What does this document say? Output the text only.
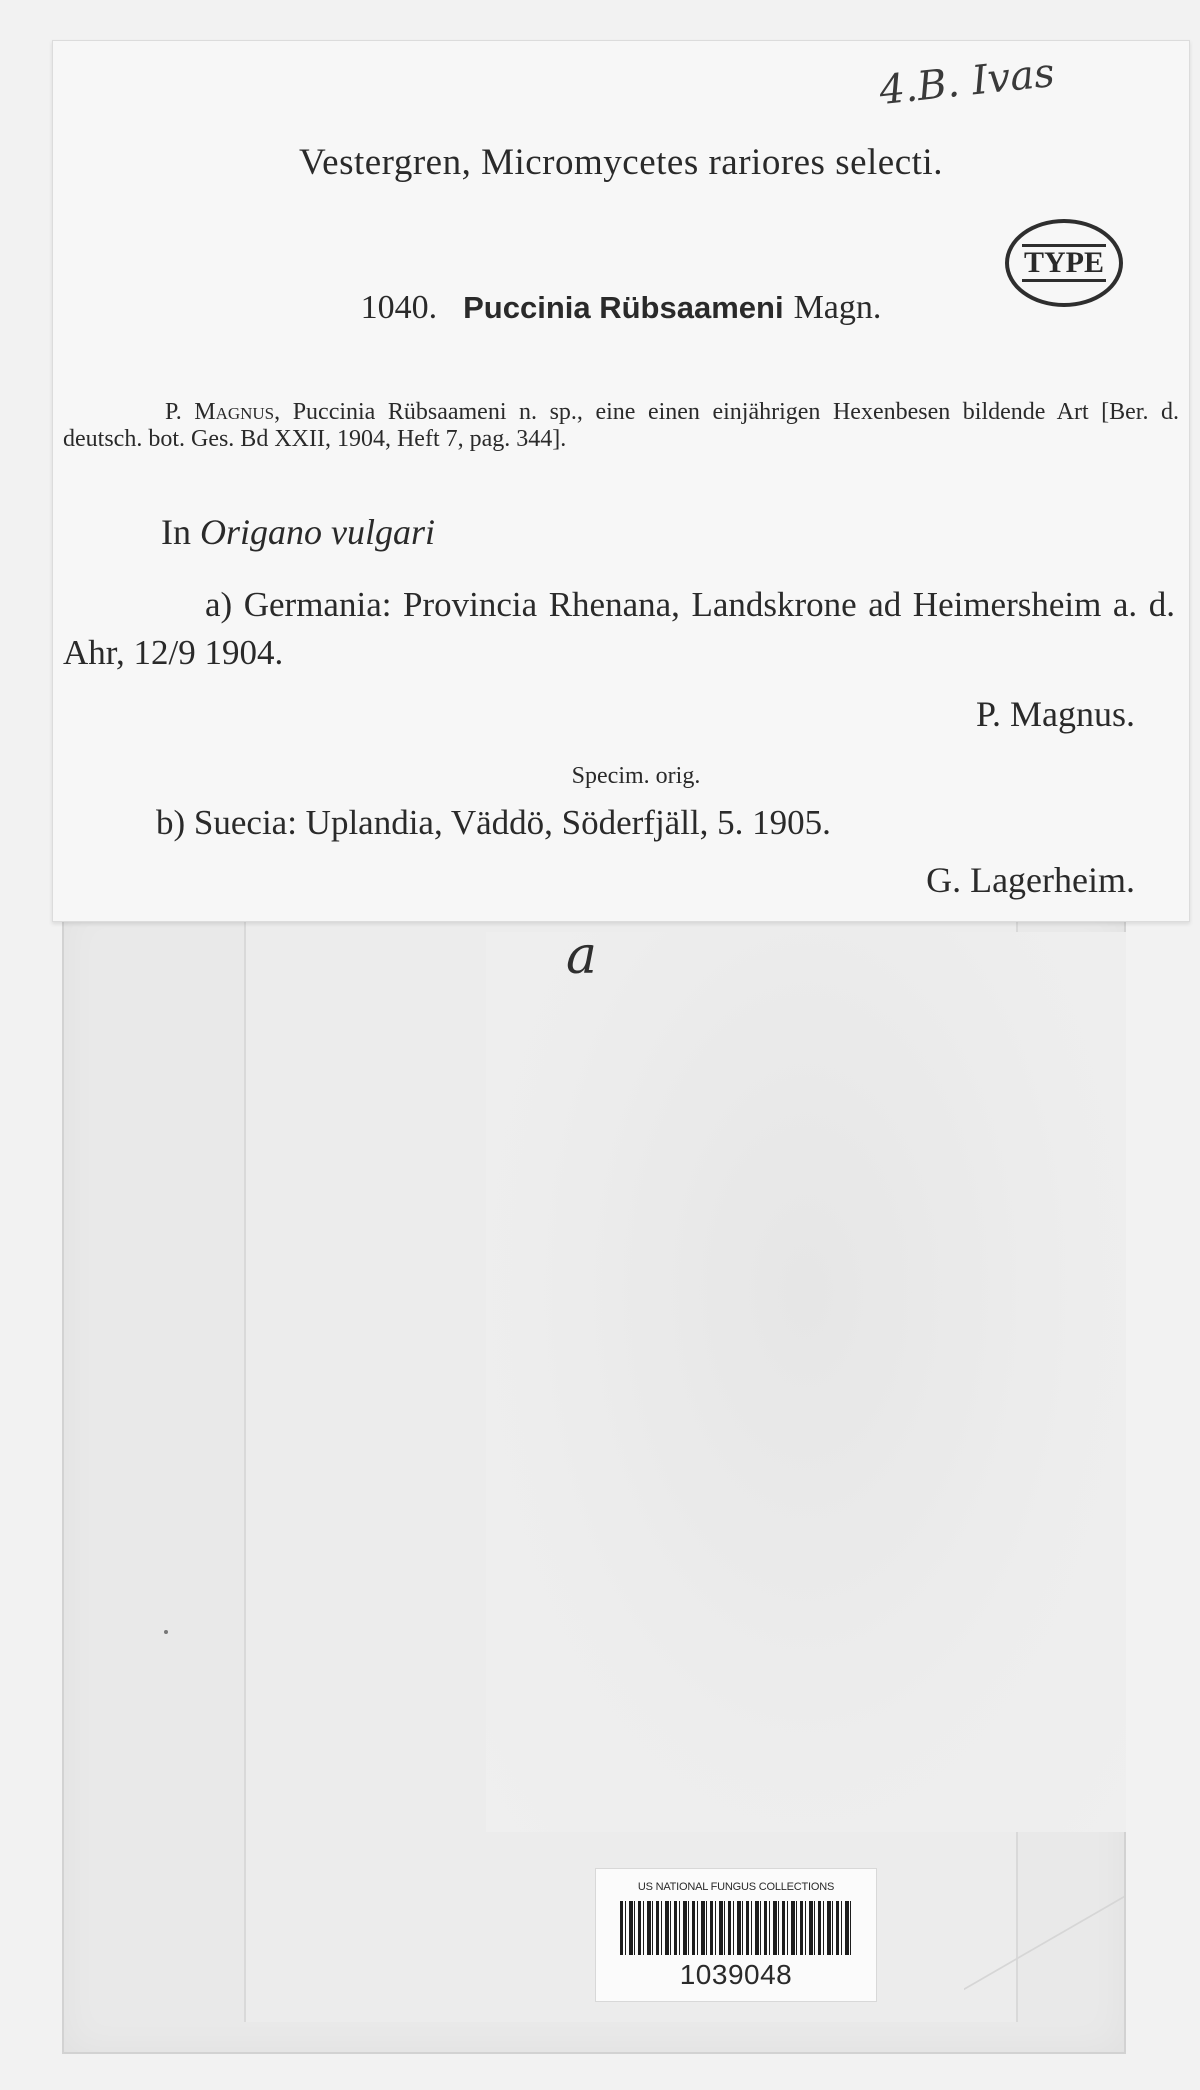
4.B. Ivas
Vestergren, Micromycetes rariores selecti.
TYPE
1040. Puccinia Rübsaameni Magn.
P. Magnus, Puccinia Rübsaameni n. sp., eine einen einjährigen Hexenbesen bildende Art [Ber. d. deutsch. bot. Ges. Bd XXII, 1904, Heft 7, pag. 344].
In Origano vulgari
a) Germania: Provincia Rhenana, Landskrone ad Heimersheim a. d. Ahr, 12/9 1904.
P. Magnus.
Specim. orig.
b) Suecia: Uplandia, Väddö, Söderfjäll, 5. 1905.
G. Lagerheim.
a
US NATIONAL FUNGUS COLLECTIONS
1039048
